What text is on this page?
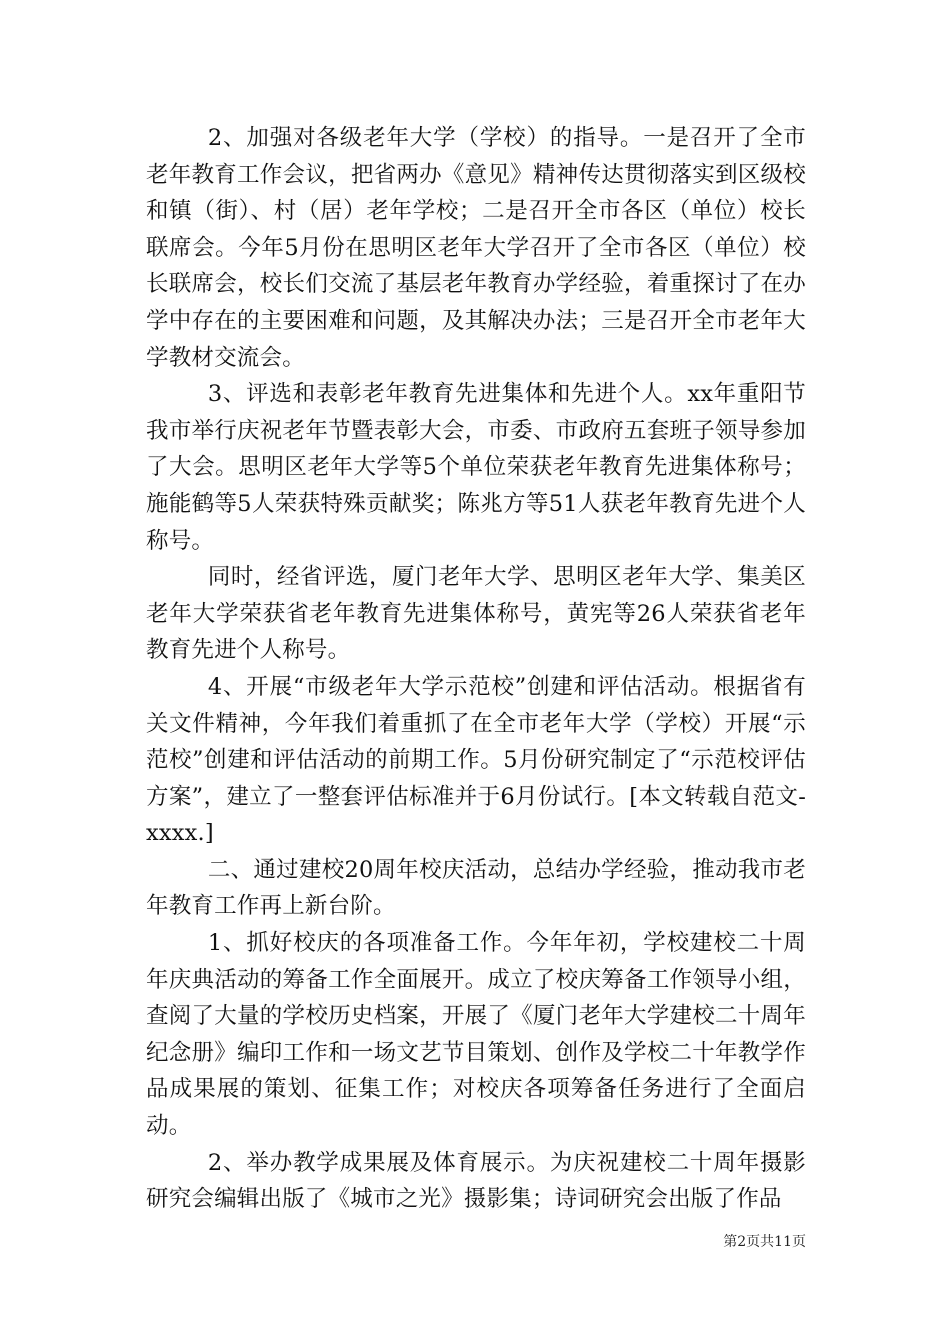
2、加强对各级老年大学（学校）的指导。一是召开了全市老年教育工作会议，把省两办《意见》精神传达贯彻落实到区级校和镇（街）、村（居）老年学校；二是召开全市各区（单位）校长联席会。今年5月份在思明区老年大学召开了全市各区（单位）校长联席会，校长们交流了基层老年教育办学经验，着重探讨了在办学中存在的主要困难和问题，及其解决办法；三是召开全市老年大学教材交流会。

3、评选和表彰老年教育先进集体和先进个人。xx年重阳节我市举行庆祝老年节暨表彰大会，市委、市政府五套班子领导参加了大会。思明区老年大学等5个单位荣获老年教育先进集体称号；施能鹤等5人荣获特殊贡献奖；陈兆方等51人获老年教育先进个人称号。

同时，经省评选，厦门老年大学、思明区老年大学、集美区老年大学荣获省老年教育先进集体称号，黄宪等26人荣获省老年教育先进个人称号。

4、开展“市级老年大学示范校”创建和评估活动。根据省有关文件精神，今年我们着重抓了在全市老年大学（学校）开展“示范校”创建和评估活动的前期工作。5月份研究制定了“示范校评估方案”，建立了一整套评估标准并于6月份试行。[本文转载自范文-xxxx.]

二、通过建校20周年校庆活动，总结办学经验，推动我市老年教育工作再上新台阶。

1、抓好校庆的各项准备工作。今年年初，学校建校二十周年庆典活动的筹备工作全面展开。成立了校庆筹备工作领导小组，查阅了大量的学校历史档案，开展了《厦门老年大学建校二十周年纪念册》编印工作和一场文艺节目策划、创作及学校二十年教学作品成果展的策划、征集工作；对校庆各项筹备任务进行了全面启动。

2、举办教学成果展及体育展示。为庆祝建校二十周年摄影研究会编辑出版了《城市之光》摄影集；诗词研究会出版了作品

第2页共11页
